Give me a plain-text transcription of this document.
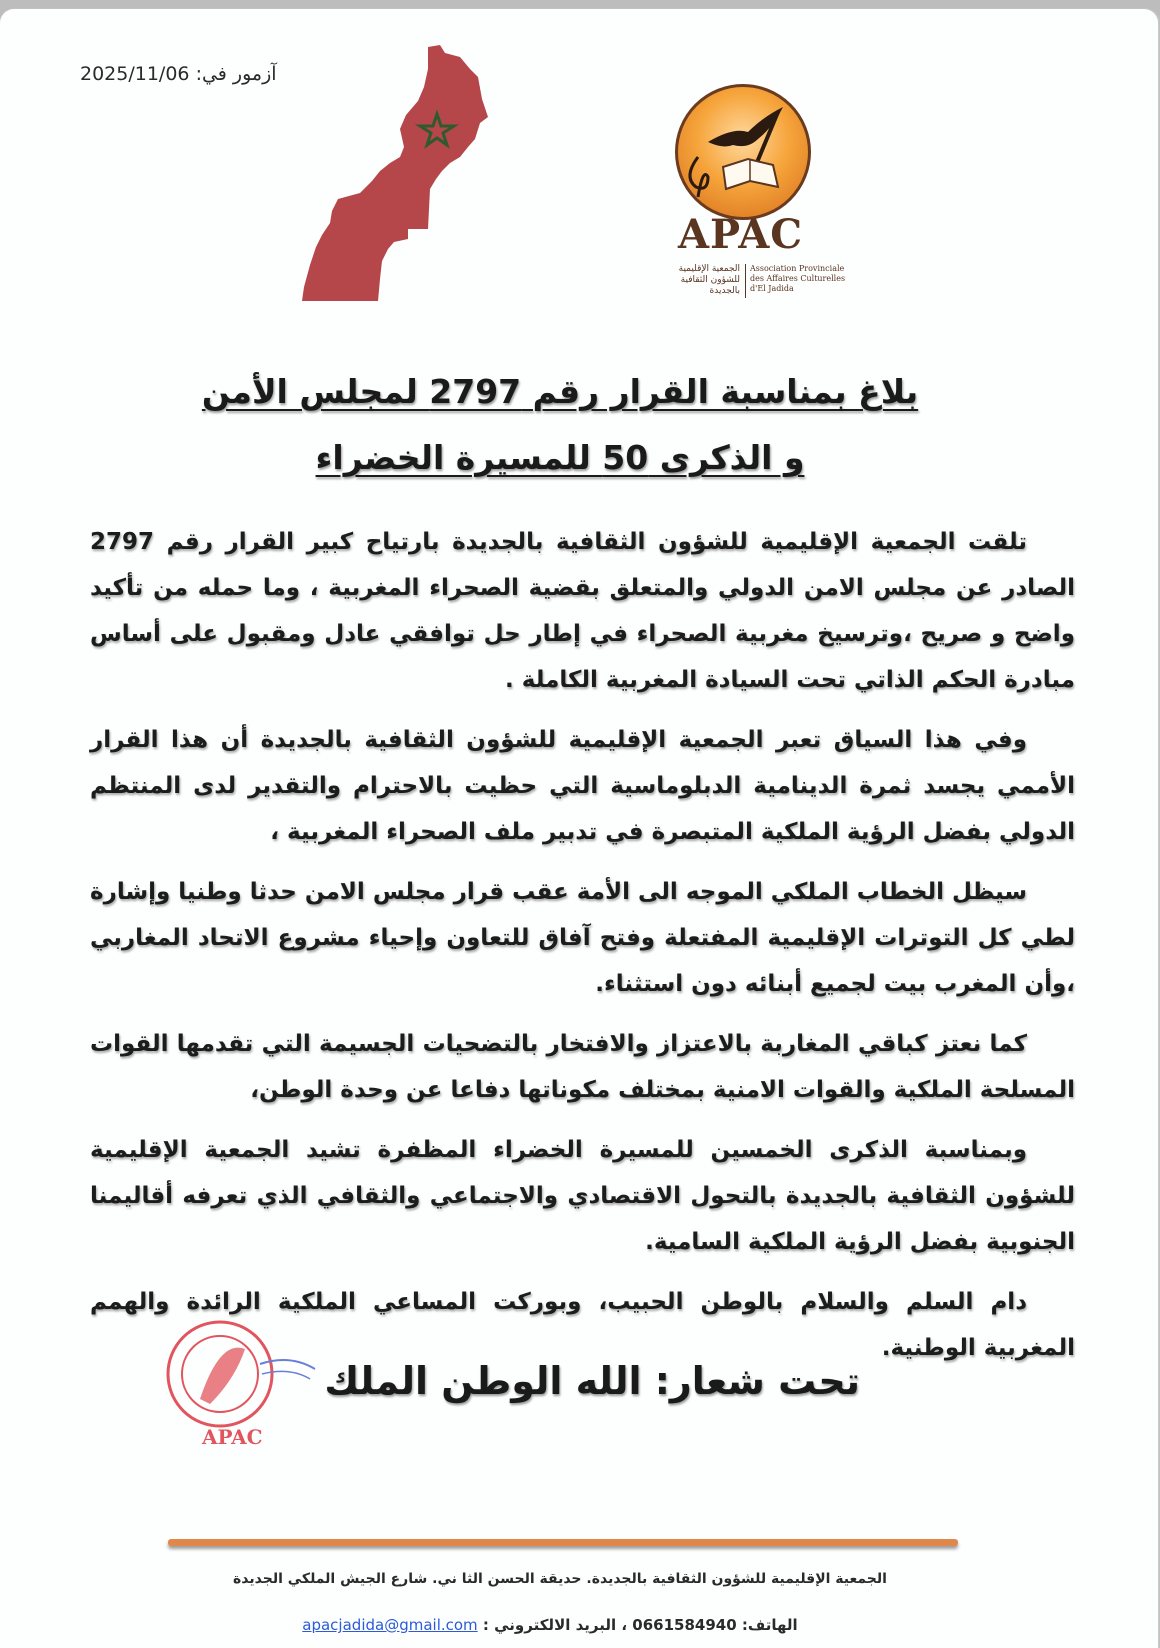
آزمور في: 2025/11/06
APAC
الجمعية الإقليمية
للشؤون الثقافية
بالجديدة
Association Provinciale
des Affaires Culturelles
d'El Jadida
بلاغ بمناسبة القرار رقم 2797 لمجلس الأمن
و الذكرى 50 للمسيرة الخضراء

تلقت الجمعية الإقليمية للشؤون الثقافية بالجديدة بارتياح كبير القرار رقم 2797 الصادر عن مجلس الامن الدولي والمتعلق بقضية الصحراء المغربية ، وما حمله من تأكيد واضح و صريح ،وترسيخ مغربية الصحراء في إطار حل توافقي عادل ومقبول على أساس مبادرة الحكم الذاتي تحت السيادة المغربية الكاملة .

وفي هذا السياق تعبر الجمعية الإقليمية للشؤون الثقافية بالجديدة أن هذا القرار الأممي يجسد ثمرة الدينامية الدبلوماسية التي حظيت بالاحترام والتقدير لدى المنتظم الدولي بفضل الرؤية الملكية المتبصرة في تدبير ملف الصحراء المغربية ،

سيظل الخطاب الملكي الموجه الى الأمة عقب قرار مجلس الامن حدثا وطنيا وإشارة لطي كل التوترات الإقليمية المفتعلة وفتح آفاق للتعاون وإحياء مشروع الاتحاد المغاربي ،وأن المغرب بيت لجميع أبنائه دون استثناء.

كما نعتز كباقي المغاربة بالاعتزاز والافتخار بالتضحيات الجسيمة التي تقدمها القوات المسلحة الملكية والقوات الامنية بمختلف مكوناتها دفاعا عن وحدة الوطن،

وبمناسبة الذكرى الخمسين للمسيرة الخضراء المظفرة تشيد الجمعية الإقليمية للشؤون الثقافية بالجديدة بالتحول الاقتصادي والاجتماعي والثقافي الذي تعرفه أقاليمنا الجنوبية بفضل الرؤية الملكية السامية.

دام السلم والسلام بالوطن الحبيب، وبوركت المساعي الملكية الرائدة والهمم المغربية الوطنية.

APAC
تحت شعار: الله الوطن الملك
الجمعية الإقليمية للشؤون الثقافية بالجديدة. حديقة الحسن الثا ني. شارع الجيش الملكي الجديدة
الهاتف: 0661584940 ، البريد الالكتروني : apacjadida@gmail.com
